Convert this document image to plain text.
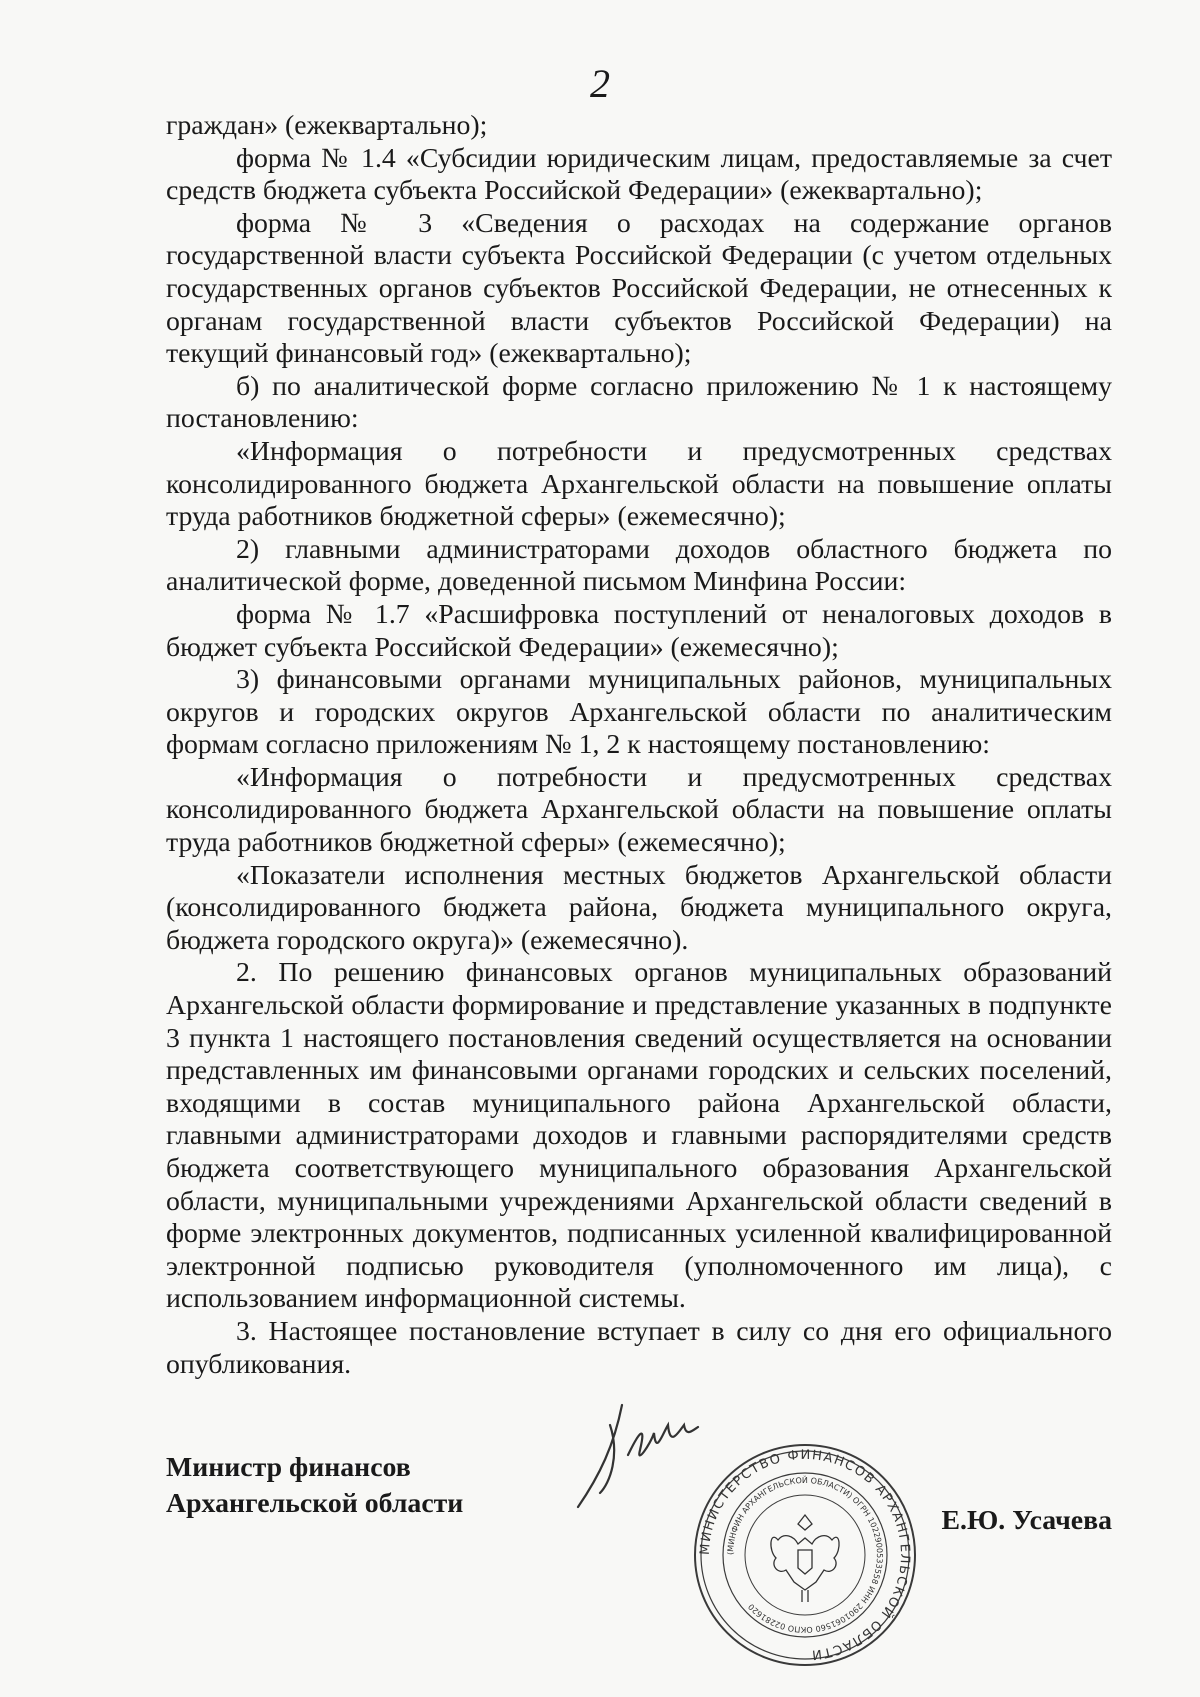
2

граждан» (ежеквартально);

форма № 1.4 «Субсидии юридическим лицам, предоставляемые за счет средств бюджета субъекта Российской Федерации» (ежеквартально);

форма № 3 «Сведения о расходах на содержание органов государственной власти субъекта Российской Федерации (с учетом отдельных государственных органов субъектов Российской Федерации, не отнесенных к органам государственной власти субъектов Российской Федерации) на текущий финансовый год» (ежеквартально);

б) по аналитической форме согласно приложению № 1 к настоящему постановлению:

«Информация о потребности и предусмотренных средствах консолидированного бюджета Архангельской области на повышение оплаты труда работников бюджетной сферы» (ежемесячно);

2) главными администраторами доходов областного бюджета по аналитической форме, доведенной письмом Минфина России:

форма № 1.7 «Расшифровка поступлений от неналоговых доходов в бюджет субъекта Российской Федерации» (ежемесячно);

3) финансовыми органами муниципальных районов, муниципальных округов и городских округов Архангельской области по аналитическим формам согласно приложениям № 1, 2 к настоящему постановлению:

«Информация о потребности и предусмотренных средствах консолидированного бюджета Архангельской области на повышение оплаты труда работников бюджетной сферы» (ежемесячно);

«Показатели исполнения местных бюджетов Архангельской области (консолидированного бюджета района, бюджета муниципального округа, бюджета городского округа)» (ежемесячно).

2. По решению финансовых органов муниципальных образований Архангельской области формирование и представление указанных в подпункте 3 пункта 1 настоящего постановления сведений осуществляется на основании представленных им финансовыми органами городских и сельских поселений, входящими в состав муниципального района Архангельской области, главными администраторами доходов и главными распорядителями средств бюджета соответствующего муниципального образования Архангельской области, муниципальными учреждениями Архангельской области сведений в форме электронных документов, подписанных усиленной квалифицированной электронной подписью руководителя (уполномоченного им лица), с использованием информационной системы.

3. Настоящее постановление вступает в силу со дня его официального опубликования.

Министр финансов
Архангельской области
МИНИСТЕРСТВО ФИНАНСОВ АРХАНГЕЛЬСКОЙ ОБЛАСТИ
(МИНФИН АРХАНГЕЛЬСКОЙ ОБЛАСТИ) ОГРН 1022900533558 ИНН 2901061560 ОКПО 02281620
Е.Ю. Усачева
